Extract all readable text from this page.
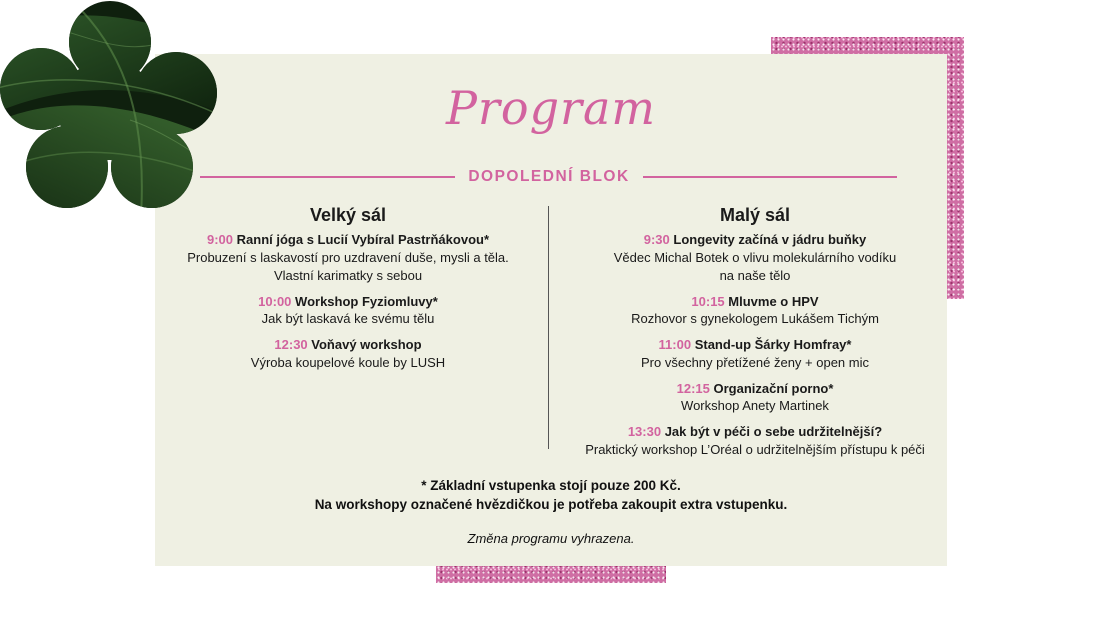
Program
DOPOLEDNÍ BLOK
Velký sál
9:00 Ranní jóga s Lucií Vybíral Pastrňákovou*
Probuzení s laskavostí pro uzdravení duše, mysli a těla.
Vlastní karimatky s sebou
10:00 Workshop Fyziomluvy*
Jak být laskavá ke svému tělu
12:30 Voňavý workshop
Výroba koupelové koule by LUSH
Malý sál
9:30 Longevity začíná v jádru buňky
Vědec Michal Botek o vlivu molekulárního vodíku
na naše tělo
10:15 Mluvme o HPV
Rozhovor s gynekologem Lukášem Tichým
11:00 Stand-up Šárky Homfray*
Pro všechny přetížené ženy + open mic
12:15 Organizační porno*
Workshop Anety Martinek
13:30 Jak být v péči o sebe udržitelnější?
Praktický workshop L’Oréal o udržitelnějším přístupu k péči
* Základní vstupenka stojí pouze 200 Kč.
Na workshopy označené hvězdičkou je potřeba zakoupit extra vstupenku.
Změna programu vyhrazena.
